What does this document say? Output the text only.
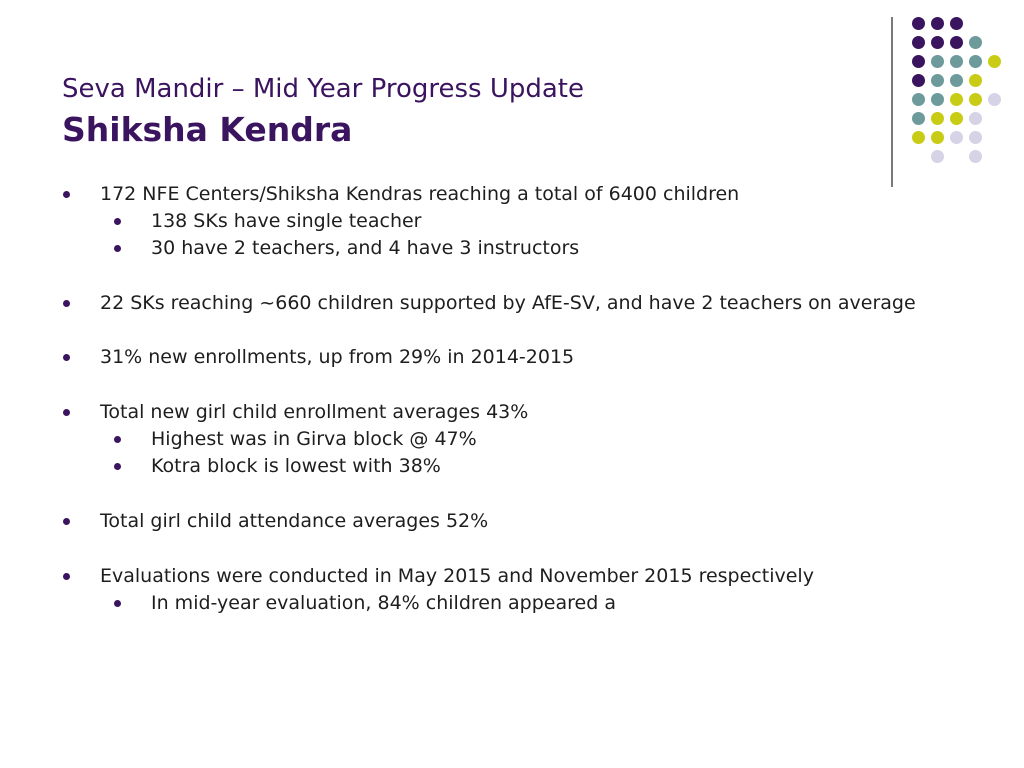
Seva Mandir – Mid Year Progress Update
Shiksha Kendra
172 NFE Centers/Shiksha Kendras reaching a total of 6400 children
138 SKs have single teacher
30 have 2 teachers, and 4 have 3 instructors
22 SKs reaching ~660 children supported by AfE-SV, and have 2 teachers on average
31% new enrollments, up from 29% in 2014-2015
Total new girl child enrollment averages 43%
Highest was in Girva block @ 47%
Kotra block is lowest with 38%
Total girl child attendance averages 52%
Evaluations were conducted in May 2015 and November 2015 respectively
In mid-year evaluation, 84% children appeared a
